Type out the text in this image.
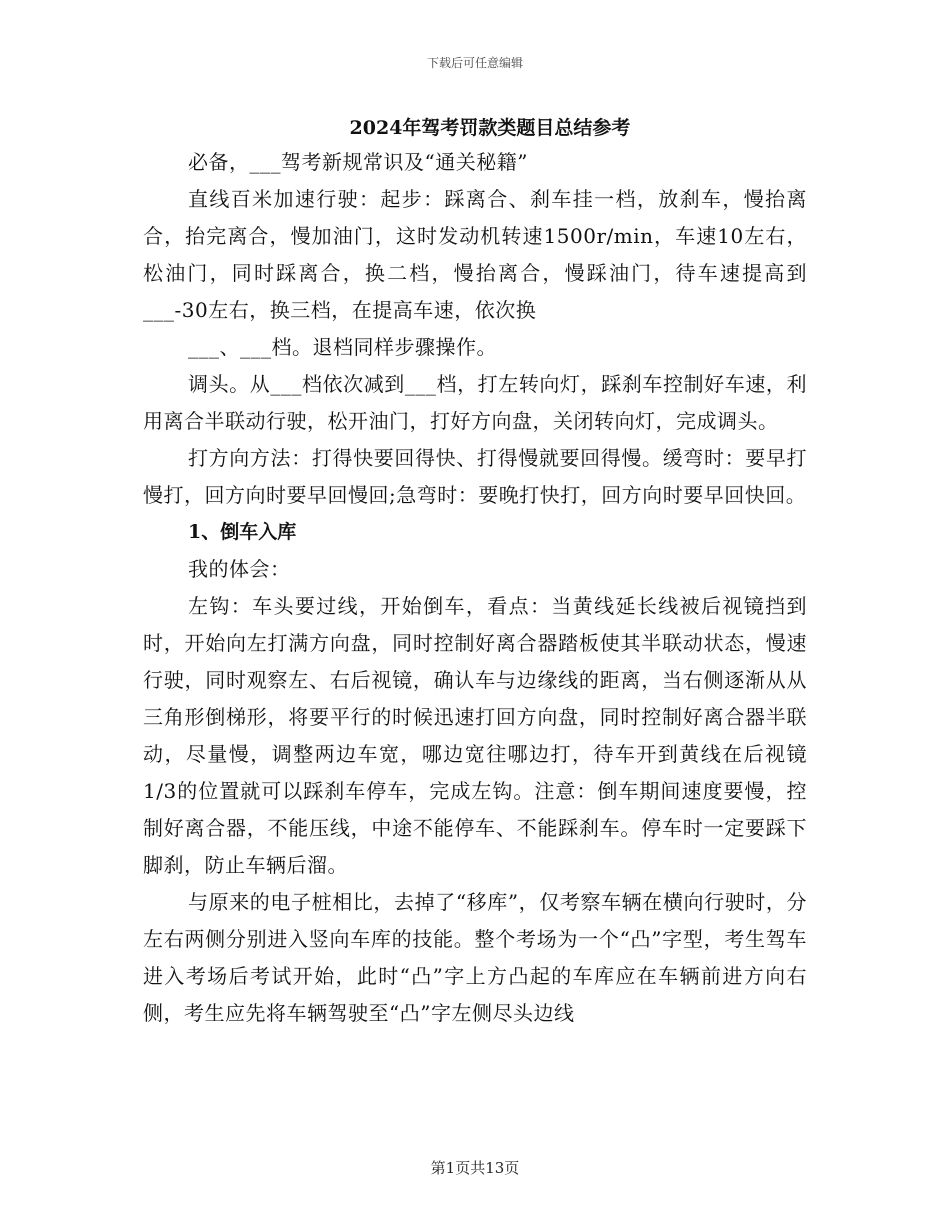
下载后可任意编辑
2024年驾考罚款类题目总结参考

必备，___驾考新规常识及“通关秘籍”

直线百米加速行驶：起步：踩离合、刹车挂一档，放刹车，慢抬离合，抬完离合，慢加油门，这时发动机转速1500r/min，车速10左右，松油门，同时踩离合，换二档，慢抬离合，慢踩油门，待车速提高到___-30左右，换三档，在提高车速，依次换

___、___档。退档同样步骤操作。

调头。从___档依次减到___档，打左转向灯，踩刹车控制好车速，利用离合半联动行驶，松开油门，打好方向盘，关闭转向灯，完成调头。

打方向方法：打得快要回得快、打得慢就要回得慢。缓弯时：要早打慢打，回方向时要早回慢回;急弯时：要晚打快打，回方向时要早回快回。

1、倒车入库

我的体会：

左钩：车头要过线，开始倒车，看点：当黄线延长线被后视镜挡到时，开始向左打满方向盘，同时控制好离合器踏板使其半联动状态，慢速行驶，同时观察左、右后视镜，确认车与边缘线的距离，当右侧逐渐从从三角形倒梯形，将要平行的时候迅速打回方向盘，同时控制好离合器半联动，尽量慢，调整两边车宽，哪边宽往哪边打，待车开到黄线在后视镜1/3的位置就可以踩刹车停车，完成左钩。注意：倒车期间速度要慢，控制好离合器，不能压线，中途不能停车、不能踩刹车。停车时一定要踩下脚刹，防止车辆后溜。

与原来的电子桩相比，去掉了“移库”，仅考察车辆在横向行驶时，分左右两侧分别进入竖向车库的技能。整个考场为一个“凸”字型，考生驾车进入考场后考试开始，此时“凸”字上方凸起的车库应在车辆前进方向右侧，考生应先将车辆驾驶至“凸”字左侧尽头边线

第1页共13页
